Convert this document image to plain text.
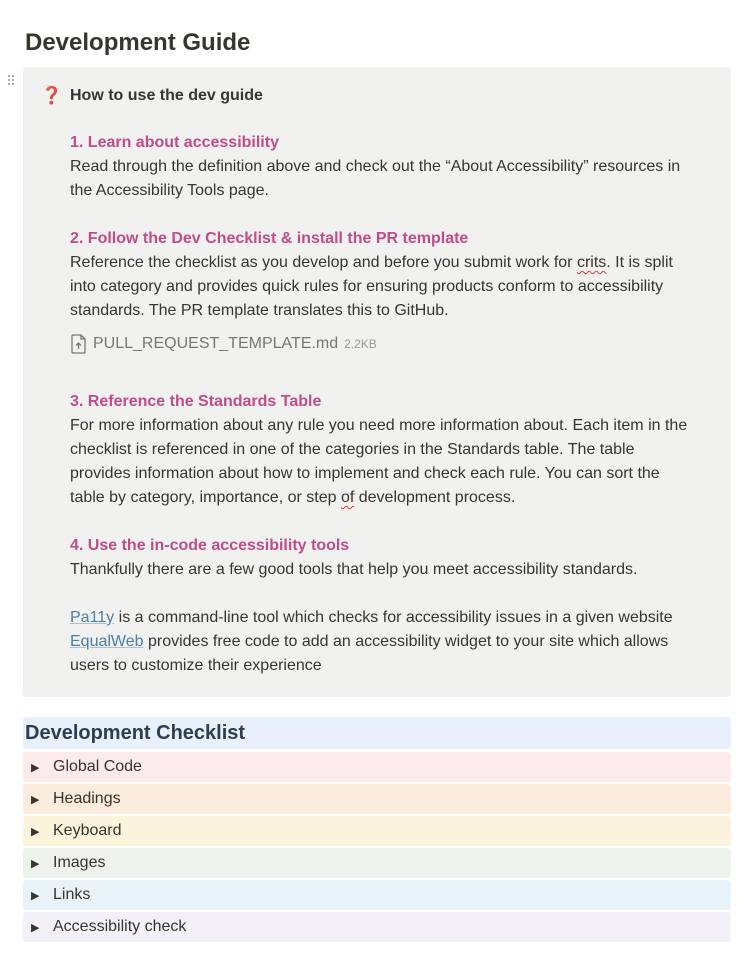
Development Guide
⠿
❓ How to use the dev guide
1. Learn about accessibility
Read through the definition above and check out the “About Accessibility” resources in
the Accessibility Tools page.
2. Follow the Dev Checklist & install the PR template
Reference the checklist as you develop and before you submit work for crits. It is split
into category and provides quick rules for ensuring products conform to accessibility
standards. The PR template translates this to GitHub.
PULL_REQUEST_TEMPLATE.md 2.2KB
3. Reference the Standards Table
For more information about any rule you need more information about. Each item in the
checklist is referenced in one of the categories in the Standards table. The table
provides information about how to implement and check each rule. You can sort the
table by category, importance, or step of development process.
4. Use the in-code accessibility tools
Thankfully there are a few good tools that help you meet accessibility standards.
Pa11y is a command-line tool which checks for accessibility issues in a given website
EqualWeb provides free code to add an accessibility widget to your site which allows
users to customize their experience
Development Checklist
▶ Global Code
▶ Headings
▶ Keyboard
▶ Images
▶ Links
▶ Accessibility check
